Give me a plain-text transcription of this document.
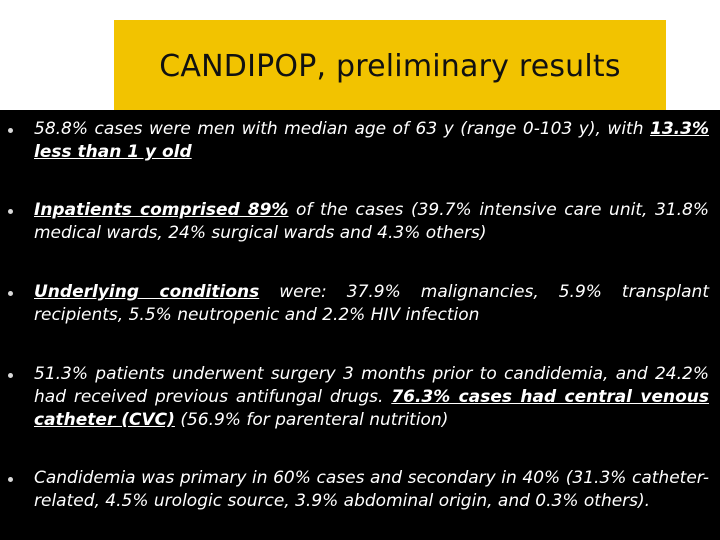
CANDIPOP, preliminary results

58.8% cases were men with median age of 63 y (range 0-103 y), with 13.3% less than 1 y old

Inpatients comprised 89% of the cases (39.7% intensive care unit, 31.8% medical wards, 24% surgical wards and 4.3% others)

Underlying conditions were: 37.9% malignancies, 5.9% transplant recipients, 5.5% neutropenic and 2.2% HIV infection

51.3% patients underwent surgery 3 months prior to candidemia, and 24.2% had received previous antifungal drugs. 76.3% cases had central venous catheter (CVC) (56.9% for parenteral nutrition)

Candidemia was primary in 60% cases and secondary in 40% (31.3% catheter-related, 4.5% urologic source, 3.9% abdominal origin, and 0.3% others).
